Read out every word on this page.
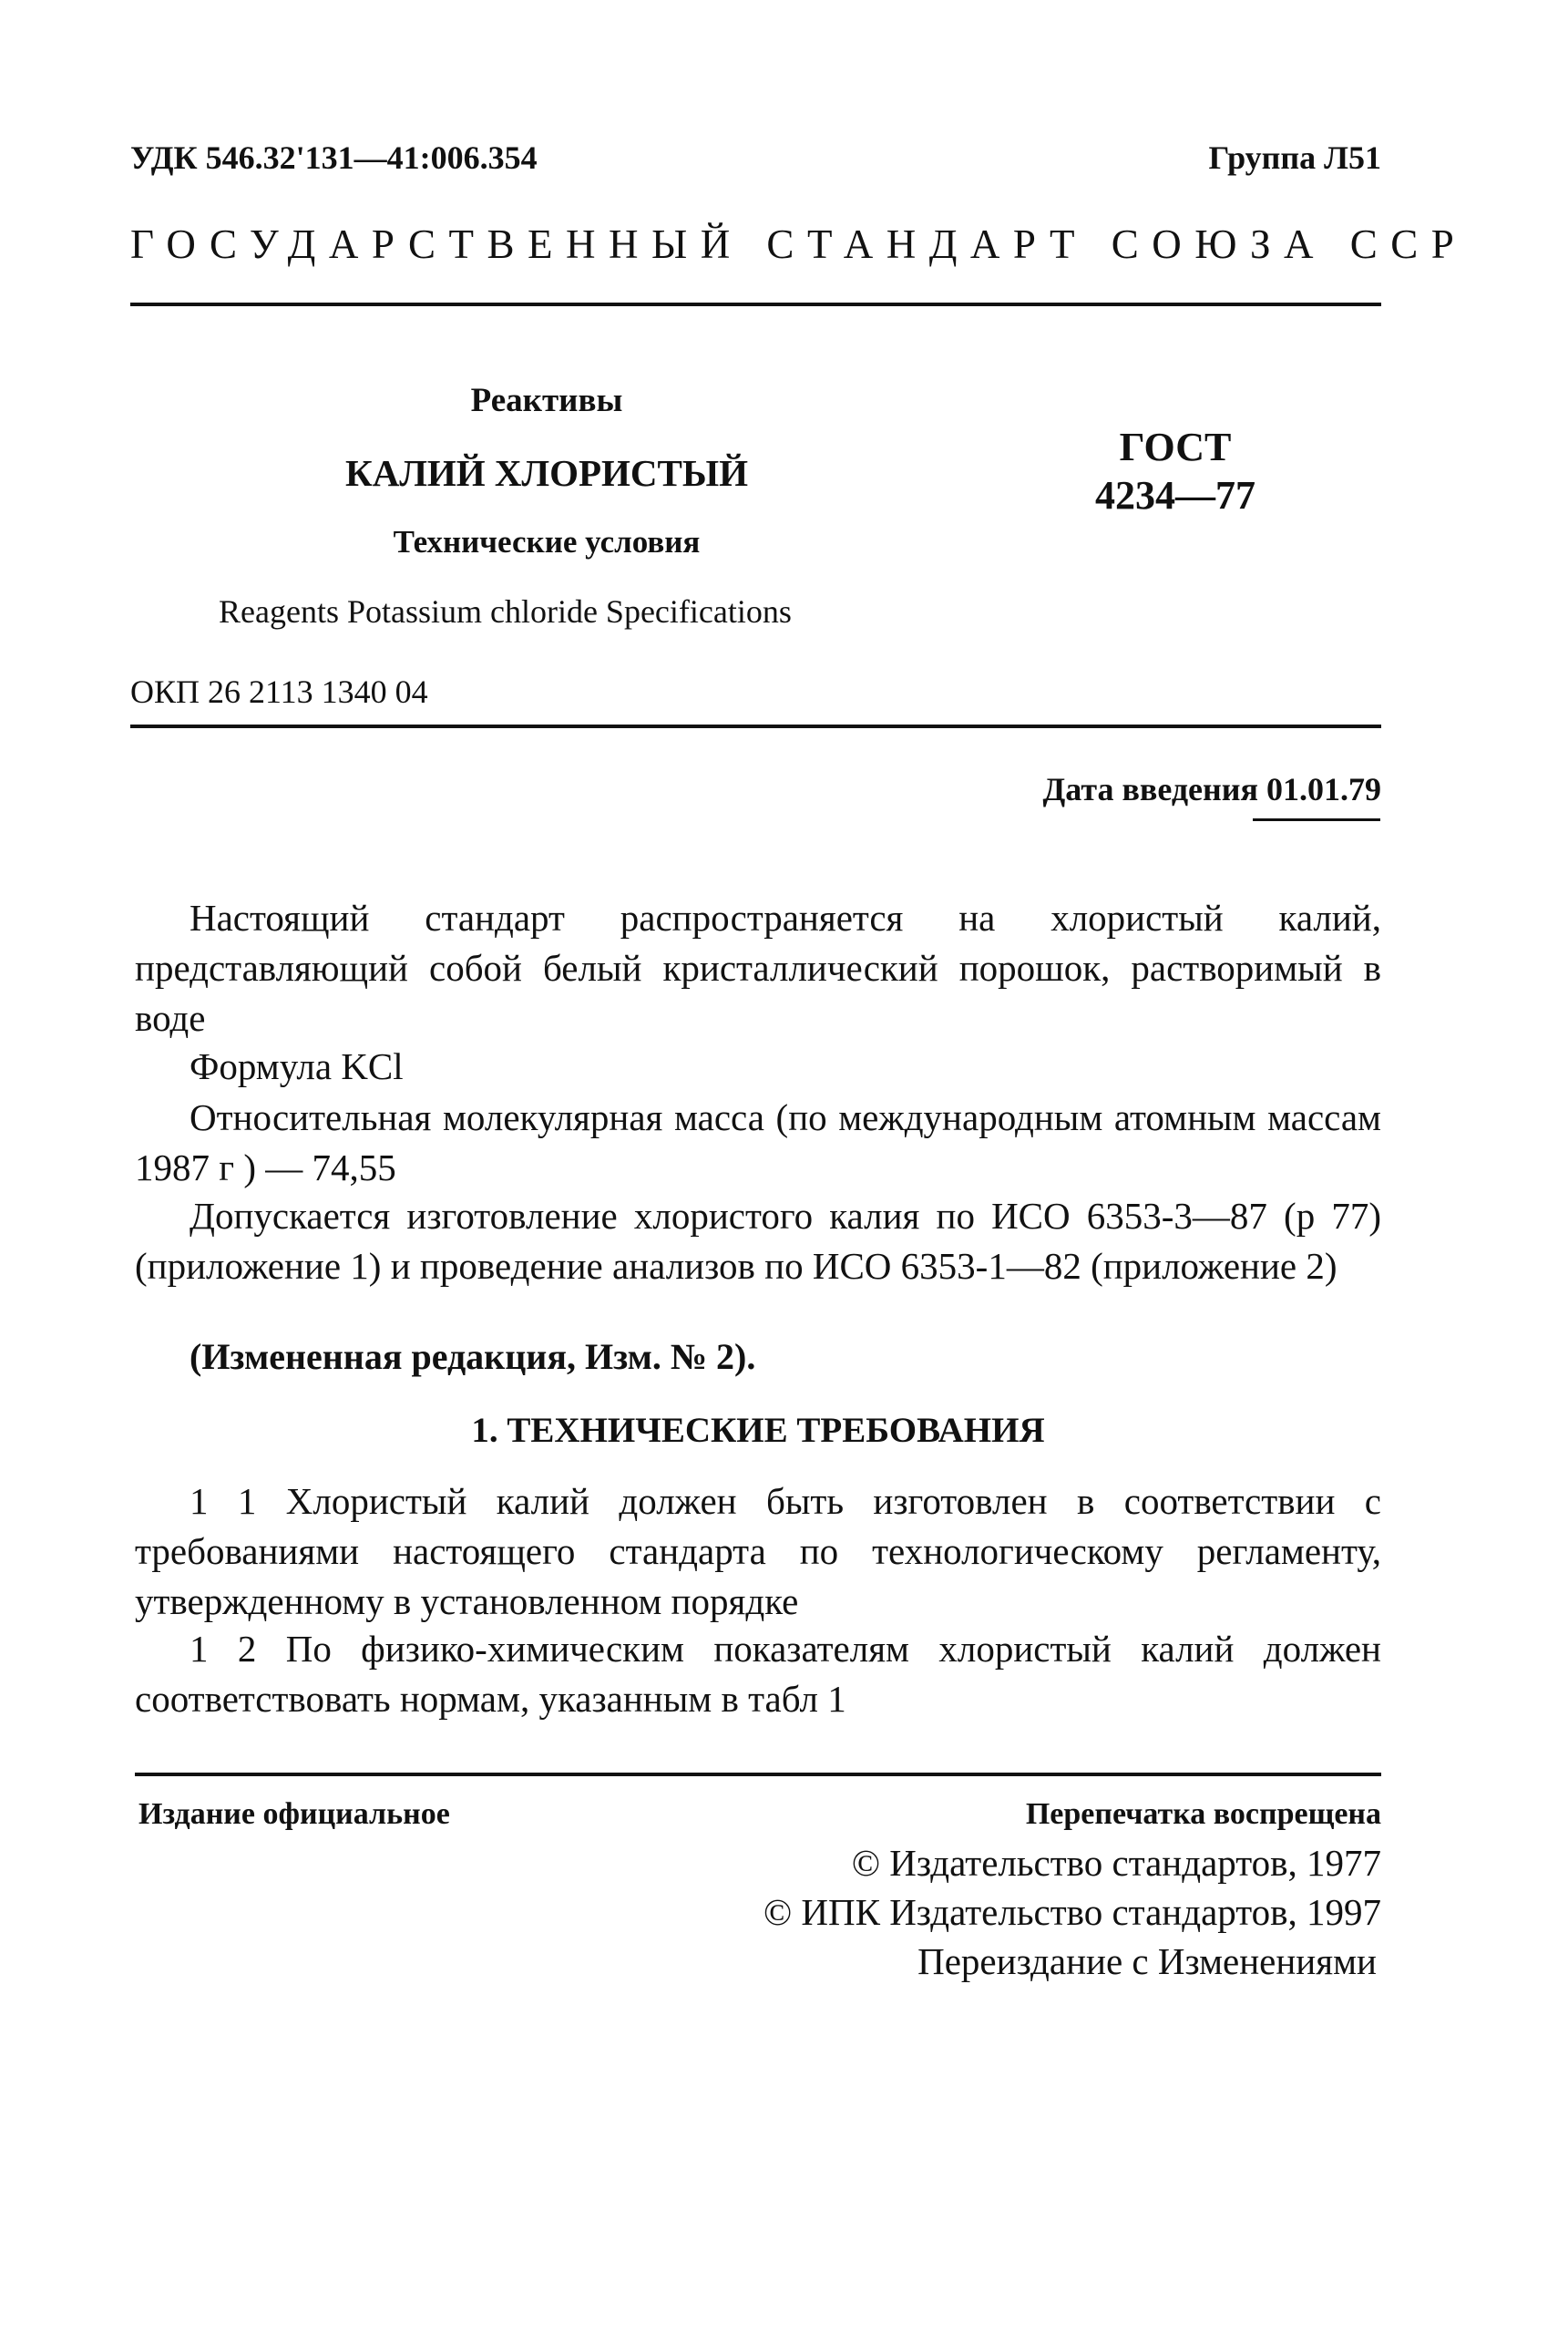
УДК 546.32'131—41:006.354	Группа Л51
ГОСУДАРСТВЕННЫЙ СТАНДАРТ СОЮЗА ССР
Реактивы
КАЛИЙ ХЛОРИСТЫЙ
Технические условия
ГОСТ
4234—77
Reagents Potassium chloride Specifications
ОКП 26 2113 1340 04
Дата введения 01.01.79
Настоящий стандарт распространяется на хлористый калий, представляющий собой белый кристаллический порошок, растворимый в воде
Формула KCl
Относительная молекулярная масса (по международным атомным массам 1987 г ) — 74,55
Допускается изготовление хлористого калия по ИСО 6353-3—87 (р 77) (приложение 1) и проведение анализов по ИСО 6353-1—82 (приложение 2)
(Измененная редакция, Изм. № 2).
1. ТЕХНИЧЕСКИЕ ТРЕБОВАНИЯ
1 1 Хлористый калий должен быть изготовлен в соответствии с требованиями настоящего стандарта по технологическому регламенту, утвержденному в установленном порядке
1 2 По физико-химическим показателям хлористый калий должен соответствовать нормам, указанным в табл 1
Издание официальное	Перепечатка воспрещена
© Издательство стандартов, 1977
© ИПК Издательство стандартов, 1997
Переиздание с Изменениями
